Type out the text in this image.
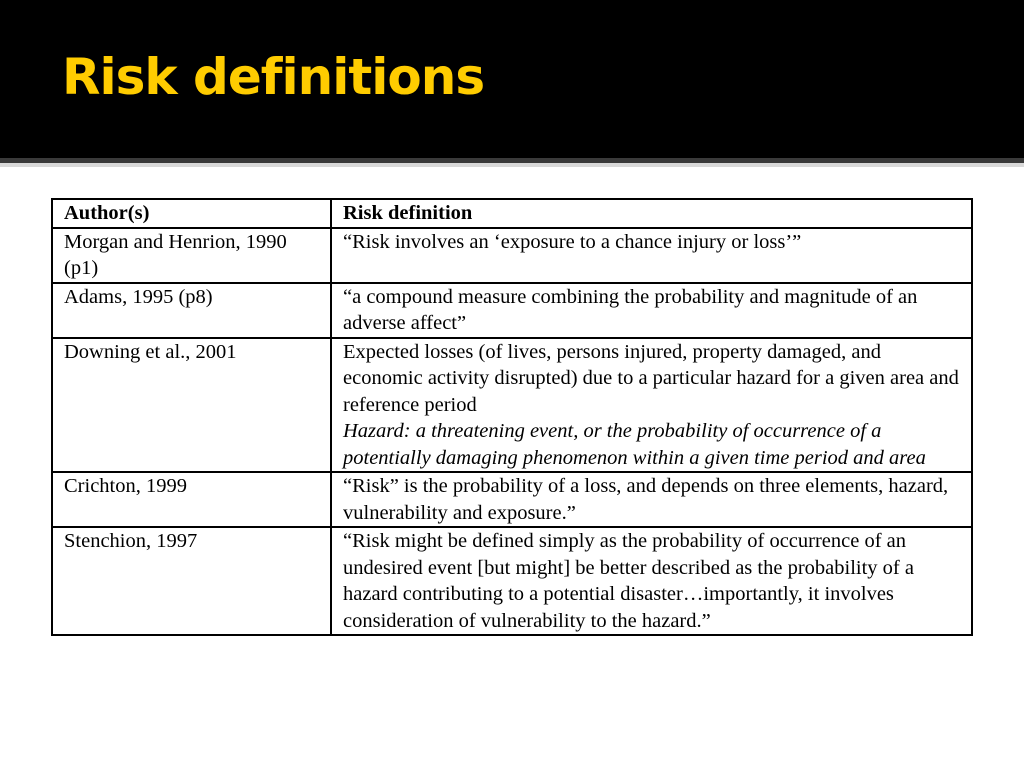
Risk definitions
Author(s)	Risk definition
Morgan and Henrion, 1990 (p1)	“Risk involves an ‘exposure to a chance injury or loss’”

Adams, 1995 (p8)	“a compound measure combining the probability and magnitude of an adverse affect”

Downing et al., 2001	Expected losses (of lives, persons injured, property damaged, and economic activity disrupted) due to a particular hazard for a given area and reference period
Hazard: a threatening event, or the probability of occurrence of a potentially damaging phenomenon within a given time period and area

Crichton, 1999	“Risk” is the probability of a loss, and depends on three elements, hazard, vulnerability and exposure.”

Stenchion, 1997	“Risk might be defined simply as the probability of occurrence of an undesired event [but might] be better described as the probability of a hazard contributing to a potential disaster…importantly, it involves consideration of vulnerability to the hazard.”
